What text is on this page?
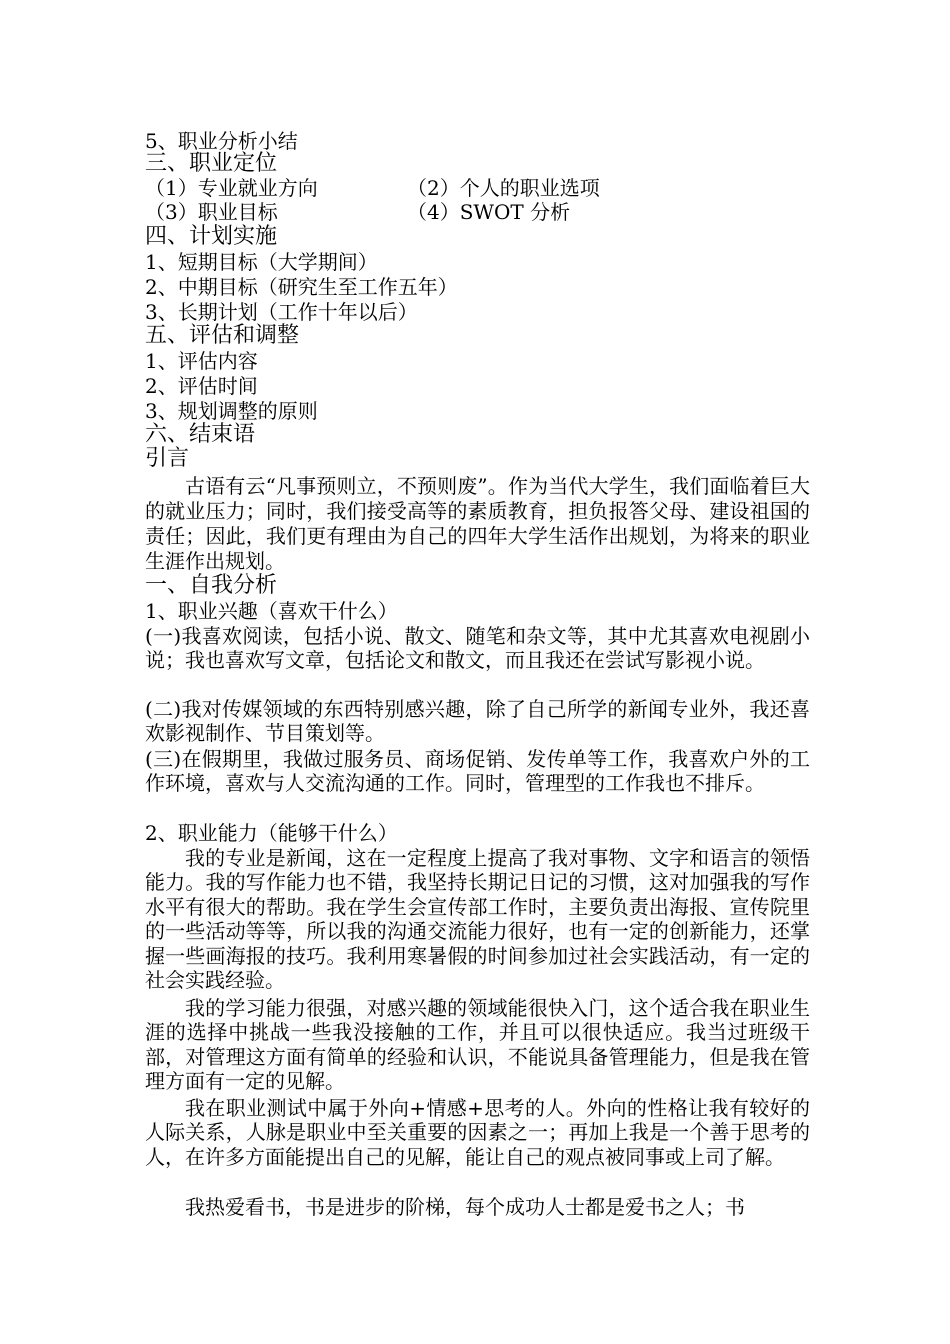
5、职业分析小结
三、职业定位
（1）专业就业方向	（2）个人的职业选项
（3）职业目标	（4）SWOT 分析
四、计划实施
1、短期目标（大学期间）
2、中期目标（研究生至工作五年）
3、长期计划（工作十年以后）
五、评估和调整
1、评估内容
2、评估时间
3、规划调整的原则
六、结束语
引言
古语有云“凡事预则立，不预则废”。作为当代大学生，我们面临着巨大的就业压力；同时，我们接受高等的素质教育，担负报答父母、建设祖国的责任；因此，我们更有理由为自己的四年大学生活作出规划，为将来的职业生涯作出规划。
一、自我分析
1、职业兴趣（喜欢干什么）
(一)我喜欢阅读，包括小说、散文、随笔和杂文等，其中尤其喜欢电视剧小说；我也喜欢写文章，包括论文和散文，而且我还在尝试写影视小说。
(二)我对传媒领域的东西特别感兴趣，除了自己所学的新闻专业外，我还喜欢影视制作、节目策划等。
(三)在假期里，我做过服务员、商场促销、发传单等工作，我喜欢户外的工作环境，喜欢与人交流沟通的工作。同时，管理型的工作我也不排斥。
2、职业能力（能够干什么）
我的专业是新闻，这在一定程度上提高了我对事物、文字和语言的领悟能力。我的写作能力也不错，我坚持长期记日记的习惯，这对加强我的写作水平有很大的帮助。我在学生会宣传部工作时，主要负责出海报、宣传院里的一些活动等等，所以我的沟通交流能力很好，也有一定的创新能力，还掌握一些画海报的技巧。我利用寒暑假的时间参加过社会实践活动，有一定的社会实践经验。
我的学习能力很强，对感兴趣的领域能很快入门，这个适合我在职业生涯的选择中挑战一些我没接触的工作，并且可以很快适应。我当过班级干部，对管理这方面有简单的经验和认识，不能说具备管理能力，但是我在管理方面有一定的见解。
我在职业测试中属于外向+情感+思考的人。外向的性格让我有较好的人际关系，人脉是职业中至关重要的因素之一；再加上我是一个善于思考的人，在许多方面能提出自己的见解，能让自己的观点被同事或上司了解。
我热爱看书，书是进步的阶梯，每个成功人士都是爱书之人；书
